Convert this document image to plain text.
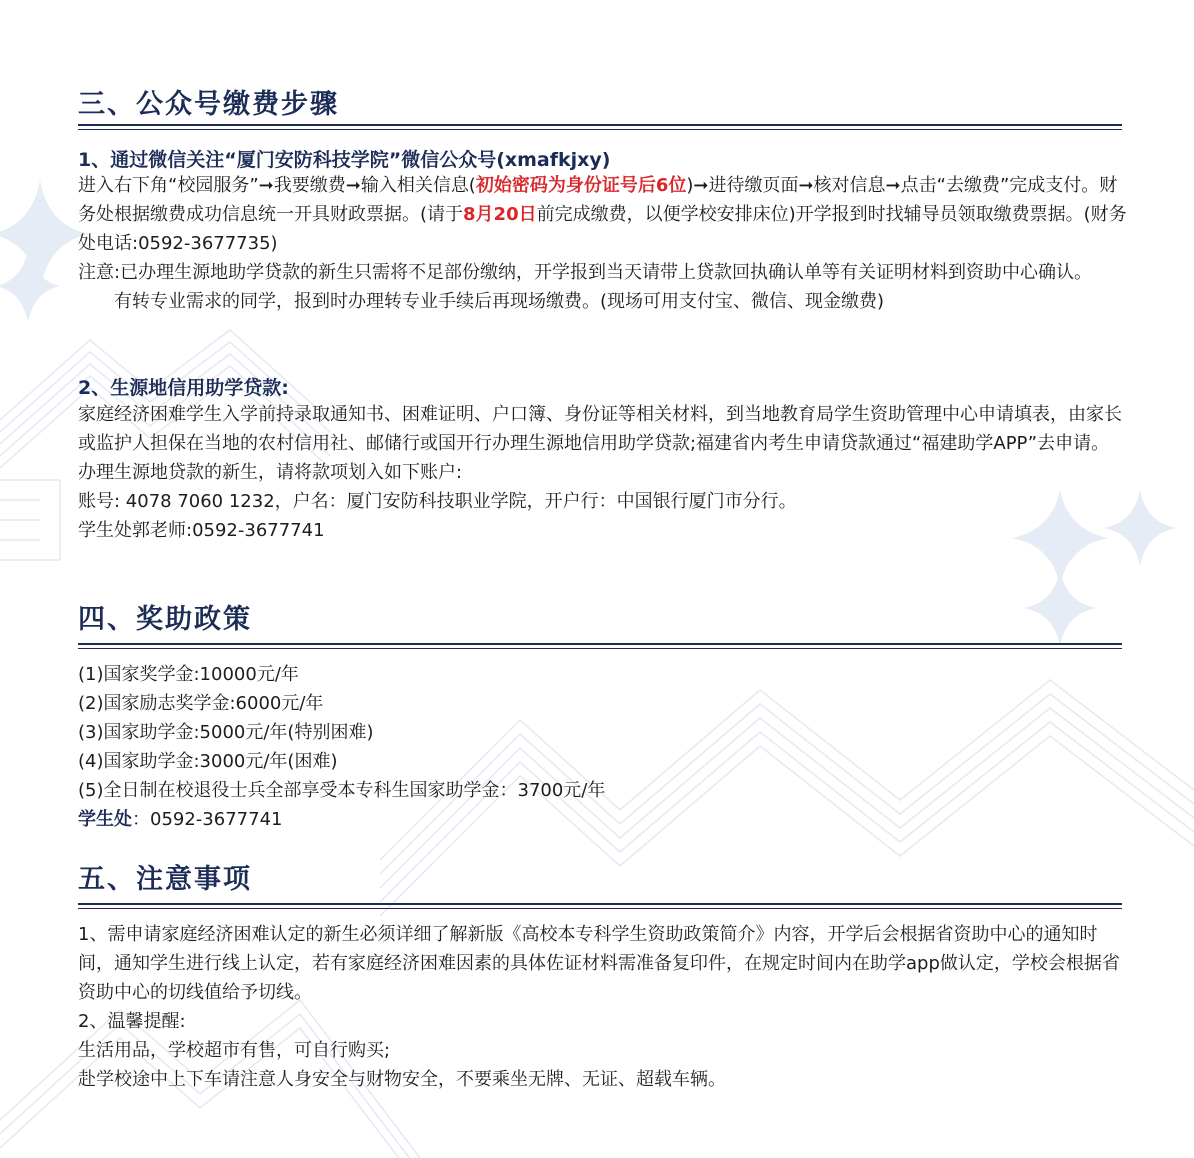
三、公众号缴费步骤
1、通过微信关注“厦门安防科技学院”微信公众号(xmafkjxy)

进入右下角“校园服务”➞我要缴费➞输入相关信息(初始密码为身份证号后6位)➞进待缴页面➞核对信息➞点击“去缴费”完成支付。财务处根据缴费成功信息统一开具财政票据。(请于8月20日前完成缴费，以便学校安排床位)开学报到时找辅导员领取缴费票据。(财务处电话:0592-3677735)

注意:已办理生源地助学贷款的新生只需将不足部份缴纳，开学报到当天请带上贷款回执确认单等有关证明材料到资助中心确认。

有转专业需求的同学，报到时办理转专业手续后再现场缴费。(现场可用支付宝、微信、现金缴费)

2、生源地信用助学贷款:

家庭经济困难学生入学前持录取通知书、困难证明、户口簿、身份证等相关材料，到当地教育局学生资助管理中心申请填表，由家长或监护人担保在当地的农村信用社、邮储行或国开行办理生源地信用助学贷款;福建省内考生申请贷款通过“福建助学APP”去申请。

办理生源地贷款的新生，请将款项划入如下账户:

账号: 4078 7060 1232，户名：厦门安防科技职业学院，开户行：中国银行厦门市分行。

学生处郭老师:0592-3677741

四、奖助政策

(1)国家奖学金:10000元/年

(2)国家励志奖学金:6000元/年

(3)国家助学金:5000元/年(特别困难)

(4)国家助学金:3000元/年(困难)

(5)全日制在校退役士兵全部享受本专科生国家助学金：3700元/年

学生处：0592-3677741

五、注意事项

1、需申请家庭经济困难认定的新生必须详细了解新版《高校本专科学生资助政策简介》内容，开学后会根据省资助中心的通知时间，通知学生进行线上认定，若有家庭经济困难因素的具体佐证材料需准备复印件，在规定时间内在助学app做认定，学校会根据省资助中心的切线值给予切线。

2、温馨提醒:

生活用品，学校超市有售，可自行购买;

赴学校途中上下车请注意人身安全与财物安全，不要乘坐无牌、无证、超载车辆。
